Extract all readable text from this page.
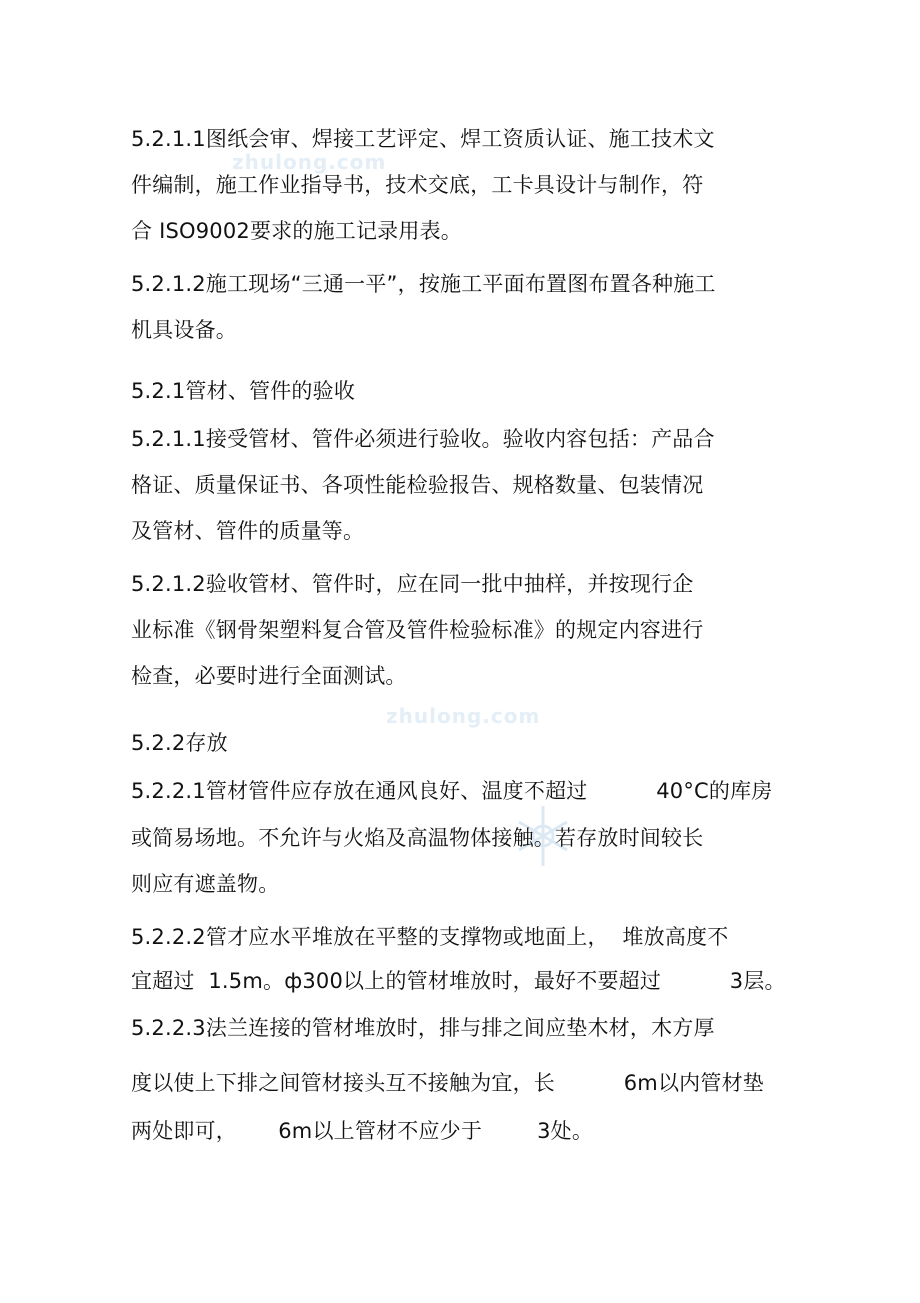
zhulong.com
zhulong.com
5.2.1.1图纸会审、焊接工艺评定、焊工资质认证、施工技术文
件编制，施工作业指导书，技术交底，工卡具设计与制作，符
合 ISO9002要求的施工记录用表。
5.2.1.2施工现场“三通一平”，按施工平面布置图布置各种施工
机具设备。
5.2.1管材、管件的验收
5.2.1.1接受管材、管件必须进行验收。验收内容包括：产品合
格证、质量保证书、各项性能检验报告、规格数量、包装情况
及管材、管件的质量等。
5.2.1.2验收管材、管件时，应在同一批中抽样，并按现行企
业标准《钢骨架塑料复合管及管件检验标准》的规定内容进行
检查，必要时进行全面测试。
5.2.2存放
5.2.2.1管材管件应存放在通风良好、温度不超过          40°C的库房
或简易场地。不允许与火焰及高温物体接触。若存放时间较长
则应有遮盖物。
5.2.2.2管才应水平堆放在平整的支撑物或地面上，  堆放高度不
宜超过  1.5m。ф300以上的管材堆放时，最好不要超过          3层。
5.2.2.3法兰连接的管材堆放时，排与排之间应垫木材，木方厚
度以使上下排之间管材接头互不接触为宜，长          6m以内管材垫
两处即可，      6m以上管材不应少于        3处。
